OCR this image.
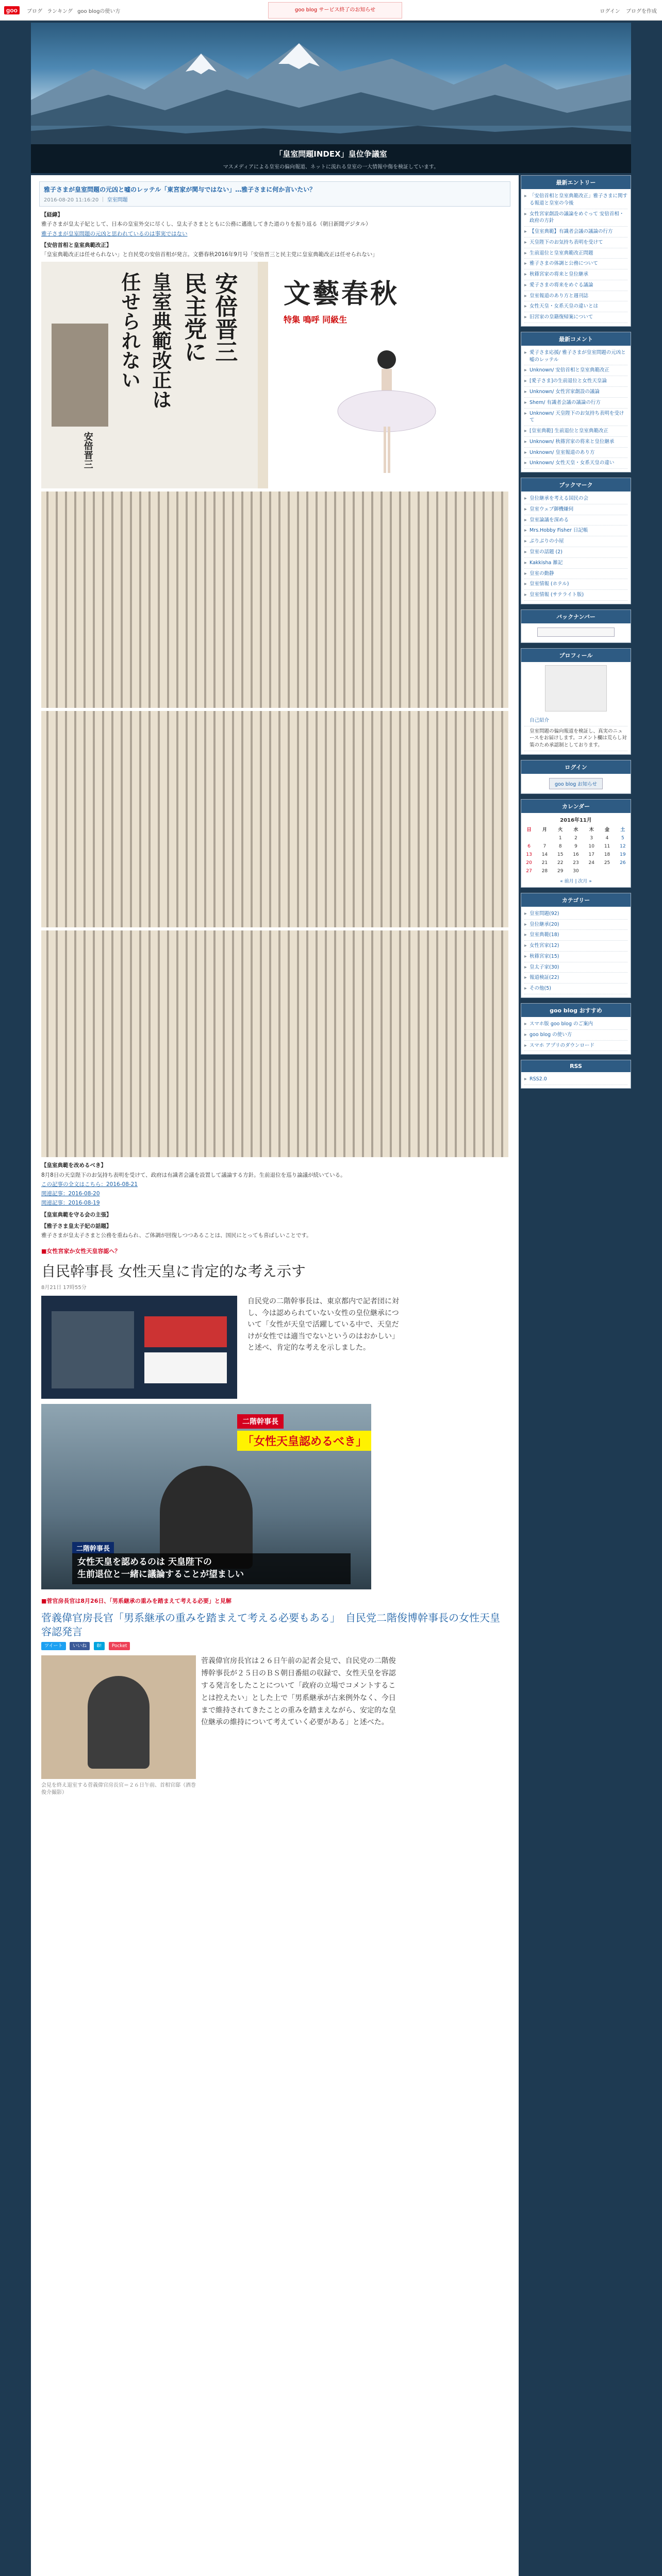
goo	ブログ ランキング goo blogの使い方	goo blog サービス終了のお知らせ	ログイン ブログを作成
「皇室問題INDEX」皇位争議室
マスメディアによる皇室の偏向報道、ネットに流れる皇室の一大情報中傷を検証しています。
雅子さまが皇室問題の元凶と嘘のレッテル「東宮家が関与ではない」…雅子さまに何か言いたい？
2016-08-20 11:16:20 ｜ 皇室問題
【経緯】

雅子さまが皇太子妃として、日本の皇室外交に尽くし、皇太子さまとともに公務に邁進してきた道のりを振り返る（朝日新聞デジタル）

雅子さまが皇室問題の元凶と思われているのは事実ではない

【安倍首相と皇室典範改正】

「皇室典範改正は任せられない」と自民党の安倍首相が発言。文藝春秋2016年9月号「安倍晋三と民主党に皇室典範改正は任せられない」

安倍晋三
民主党に
皇室典範改正は
任せられない
安倍晋三
文藝春秋
特集 鳴呼 同級生
【皇室典範を改めるべき】

8月8日の天皇陛下のお気持ち表明を受けて、政府は有識者会議を設置して議論する方針。生前退位を巡り論議が続いている。

この記事の全文はこちら：2016-08-21

関連記事：2016-08-20

関連記事：2016-08-19

【皇室典範を守る会の主張】
【雅子さま皇太子妃の話題】

雅子さまが皇太子さまと公務を重ねられ、ご体調が回復しつつあることは、国民にとっても喜ばしいことです。

■女性宮家か女性天皇容認へ？
自民幹事長 女性天皇に肯定的な考え示す
8月21日 17時55分
自民党の二階幹事長は、東京都内で記者団に対し、今は認められていない女性の皇位継承について「女性が天皇で活躍している中で、天皇だけが女性では適当でないというのはおかしい」と述べ、肯定的な考えを示しました。
二階幹事長
「女性天皇認めるべき」
二階幹事長
女性天皇を認めるのは 天皇陛下の
生前退位と一緒に議論することが望ましい
■菅官房長官は8月26日、「男系継承の重みを踏まえて考える必要」と見解
菅義偉官房長官「男系継承の重みを踏まえて考える必要もある」　自民党二階俊博幹事長の女性天皇容認発言
ツイート いいね B! Pocket
菅義偉官房長官は２６日午前の記者会見で、自民党の二階俊博幹事長が２５日のＢＳ朝日番組の収録で、女性天皇を容認する発言をしたことについて「政府の立場でコメントすることは控えたい」とした上で「男系継承が古来例外なく、今日まで維持されてきたことの重みを踏まえながら、安定的な皇位継承の維持について考えていく必要がある」と述べた。
会見を終え退室する菅義偉官房長官＝２６日午前、首相官邸（酒巻俊介撮影）
最新エントリー
▸ 「安倍首相と皇室典範改正」雅子さまに関する報道と皇室の今後
▸ 女性宮家創設の議論をめぐって 安倍首相・政府の方針
▸ 【皇室典範】有識者会議の議論の行方
▸ 天皇陛下のお気持ち表明を受けて
▸ 生前退位と皇室典範改正問題
▸ 雅子さまの体調と公務について
▸ 秋篠宮家の将来と皇位継承
▸ 愛子さまの将来をめぐる議論
▸ 皇室報道のあり方と週刊誌
▸ 女性天皇・女系天皇の違いとは
▸ 旧宮家の皇籍復帰案について
最新コメント
▸ 愛子さま応援/ 雅子さまが皇室問題の元凶と嘘のレッテル
▸ Unknown/ 安倍首相と皇室典範改正
▸ [愛子さま]の生前退位と女性天皇論
▸ Unknown/ 女性宮家創設の議論
▸ Shem/ 有識者会議の議論の行方
▸ Unknown/ 天皇陛下のお気持ち表明を受けて
▸ [皇室典範] 生前退位と皇室典範改正
▸ Unknown/ 秋篠宮家の将来と皇位継承
▸ Unknown/ 皇室報道のあり方
▸ Unknown/ 女性天皇・女系天皇の違い
ブックマーク
▸ 皇位継承を考える国民の会
▸ 皇室ウェブ御機嫌伺
▸ 皇室論議を深める
▸ Mrs.Hobby Fisher 日記帳
▸ ぶりぶりの小屋
▸ 皇室の話題 (2)
▸ Kakkisha 雑記
▸ 皇室の動静
▸ 皇室情報 (ホテル)
▸ 皇室情報 (サテライト版)
バックナンバー
プロフィール
自己紹介
皇室問題の偏向報道を検証し、真実のニュースをお届けします。コメント欄は荒らし対策のため承認制としております。
ログイン
goo blog お知らせ
カレンダー
2016年11月
日	月	火	水	木	金	土
		1	2	3	4	5
6	7	8	9	10	11	12
13	14	15	16	17	18	19
20	21	22	23	24	25	26
27	28	29	30			
« 前月 | 次月 »
カテゴリー
▸ 皇室問題(92)
▸ 皇位継承(20)
▸ 皇室典範(18)
▸ 女性宮家(12)
▸ 秋篠宮家(15)
▸ 皇太子家(30)
▸ 報道検証(22)
▸ その他(5)
goo blog おすすめ
▸ スマホ版 goo blog のご案内
▸ goo blog の使い方
▸ スマホ アプリのダウンロード
RSS
▸ RSS2.0
